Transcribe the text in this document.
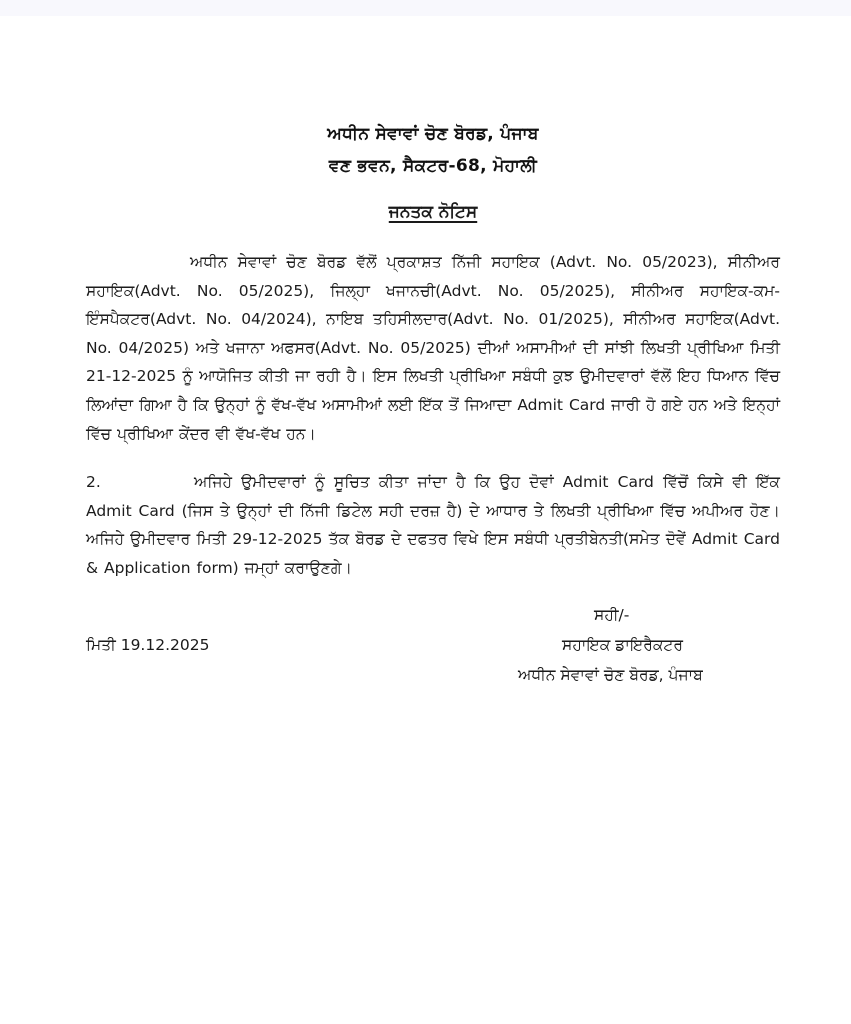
ਅਧੀਨ ਸੇਵਾਵਾਂ ਚੋਣ ਬੋਰਡ, ਪੰਜਾਬ
ਵਣ ਭਵਨ, ਸੈਕਟਰ-68, ਮੋਹਾਲੀ
ਜਨਤਕ ਨੋਟਿਸ

ਅਧੀਨ ਸੇਵਾਵਾਂ ਚੋਣ ਬੋਰਡ ਵੱਲੋਂ ਪ੍ਰਕਾਸ਼ਤ ਨਿੱਜੀ ਸਹਾਇਕ (Advt. No. 05/2023), ਸੀਨੀਅਰ ਸਹਾਇਕ(Advt. No. 05/2025), ਜਿਲ੍ਹਾ ਖਜਾਨਚੀ(Advt. No. 05/2025), ਸੀਨੀਅਰ ਸਹਾਇਕ-ਕਮ-ਇੰਸਪੈਕਟਰ(Advt. No. 04/2024), ਨਾਇਬ ਤਹਿਸੀਲਦਾਰ(Advt. No. 01/2025), ਸੀਨੀਅਰ ਸਹਾਇਕ(Advt. No. 04/2025) ਅਤੇ ਖਜਾਨਾ ਅਫਸਰ(Advt. No. 05/2025) ਦੀਆਂ ਅਸਾਮੀਆਂ ਦੀ ਸਾਂਝੀ ਲਿਖਤੀ ਪ੍ਰੀਖਿਆ ਮਿਤੀ 21-12-2025 ਨੂੰ ਆਯੋਜਿਤ ਕੀਤੀ ਜਾ ਰਹੀ ਹੈ। ਇਸ ਲਿਖਤੀ ਪ੍ਰੀਖਿਆ ਸਬੰਧੀ ਕੁਝ ਉਮੀਦਵਾਰਾਂ ਵੱਲੋਂ ਇਹ ਧਿਆਨ ਵਿੱਚ ਲਿਆਂਦਾ ਗਿਆ ਹੈ ਕਿ ਉਨ੍ਹਾਂ ਨੂੰ ਵੱਖ-ਵੱਖ ਅਸਾਮੀਆਂ ਲਈ ਇੱਕ ਤੋਂ ਜਿਆਦਾ Admit Card ਜਾਰੀ ਹੋ ਗਏ ਹਨ ਅਤੇ ਇਨ੍ਹਾਂ ਵਿੱਚ ਪ੍ਰੀਖਿਆ ਕੇਂਦਰ ਵੀ ਵੱਖ-ਵੱਖ ਹਨ।

2.	ਅਜਿਹੇ ਉਮੀਦਵਾਰਾਂ ਨੂੰ ਸੂਚਿਤ ਕੀਤਾ ਜਾਂਦਾ ਹੈ ਕਿ ਉਹ ਦੋਵਾਂ Admit Card ਵਿੱਚੋਂ ਕਿਸੇ ਵੀ ਇੱਕ Admit Card (ਜਿਸ ਤੇ ਉਨ੍ਹਾਂ ਦੀ ਨਿੱਜੀ ਡਿਟੇਲ ਸਹੀ ਦਰਜ਼ ਹੈ) ਦੇ ਆਧਾਰ ਤੇ ਲਿਖਤੀ ਪ੍ਰੀਖਿਆ ਵਿੱਚ ਅਪੀਅਰ ਹੋਣ। ਅਜਿਹੇ ਉਮੀਦਵਾਰ ਮਿਤੀ 29-12-2025 ਤੱਕ ਬੋਰਡ ਦੇ ਦਫਤਰ ਵਿਖੇ ਇਸ ਸਬੰਧੀ ਪ੍ਰਤੀਬੇਨਤੀ(ਸਮੇਤ ਦੋਵੇਂ Admit Card & Application form) ਜਮ੍ਹਾਂ ਕਰਾਉਣਗੇ।

ਸਹੀ/-
ਮਿਤੀ 19.12.2025	ਸਹਾਇਕ ਡਾਇਰੈਕਟਰ
ਅਧੀਨ ਸੇਵਾਵਾਂ ਚੋਣ ਬੋਰਡ, ਪੰਜਾਬ
